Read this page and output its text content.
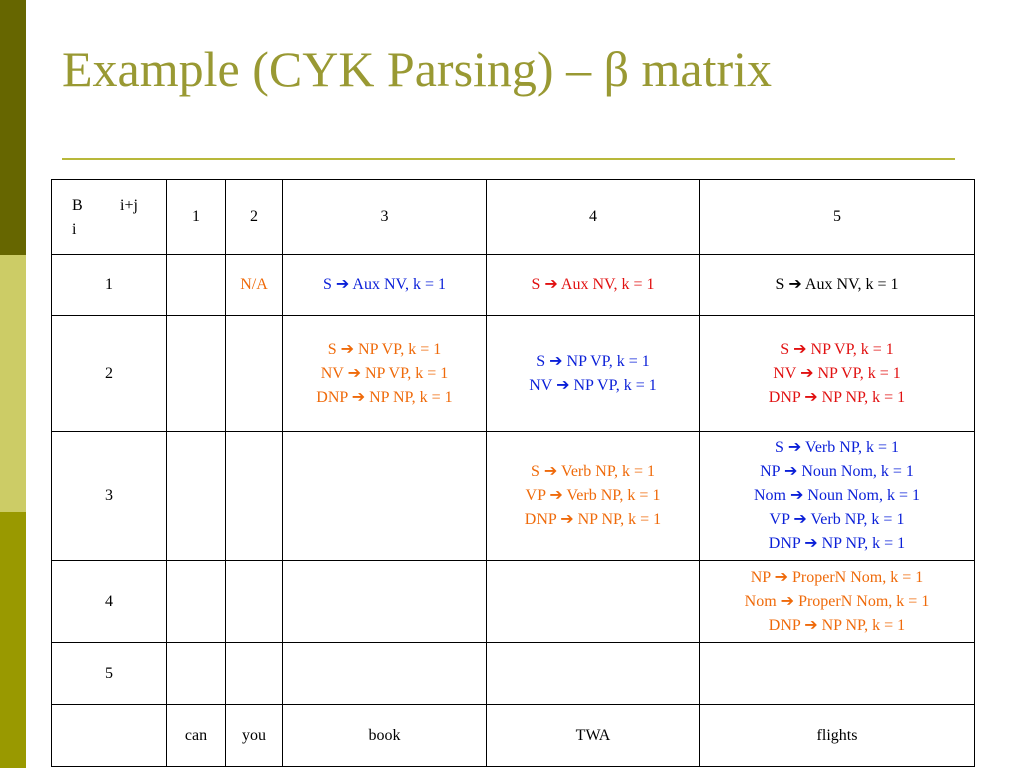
Example (CYK Parsing) – β matrix
B i+j
i	1	2	3	4	5
1		N/A	S ➔ Aux NV, k = 1	S ➔ Aux NV, k = 1	S ➔ Aux NV, k = 1

2			S ➔ NP VP, k = 1
NV ➔ NP VP, k = 1
DNP ➔ NP NP, k = 1	S ➔ NP VP, k = 1
NV ➔ NP VP, k = 1	S ➔ NP VP, k = 1
NV ➔ NP VP, k = 1
DNP ➔ NP NP, k = 1

3				S ➔ Verb NP, k = 1
VP ➔ Verb NP, k = 1
DNP ➔ NP NP, k = 1	S ➔ Verb NP, k = 1
NP ➔ Noun Nom, k = 1
Nom ➔ Noun Nom, k = 1
VP ➔ Verb NP, k = 1
DNP ➔ NP NP, k = 1

4					NP ➔ ProperN Nom, k = 1
Nom ➔ ProperN Nom, k = 1
DNP ➔ NP NP, k = 1

5					
	can	you	book	TWA	flights
